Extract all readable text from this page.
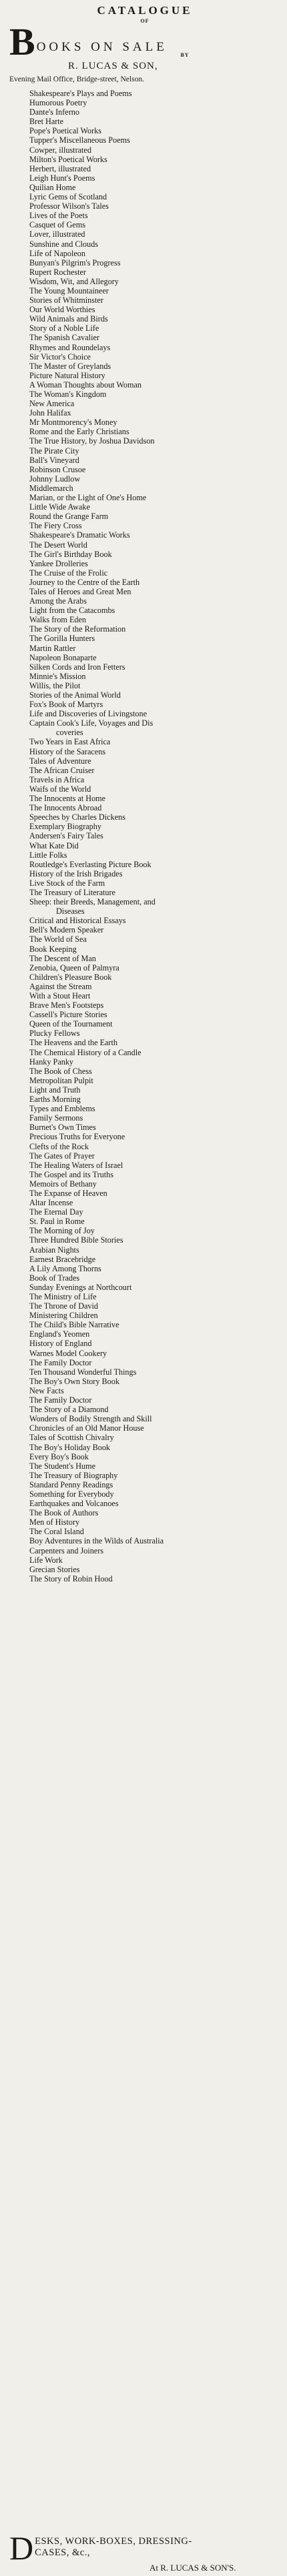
CATALOGUE
OF
B OOKS ON SALE
BY
R. LUCAS & SON,
Evening Mail Office, Bridge-street, Nelson.
Shakespeare's Plays and Poems
Humorous Poetry
Dante's Inferno
Bret Harte
Pope's Poetical Works
Tupper's Miscellaneous Poems
Cowper, illustrated
Milton's Poetical Works
Herbert, illustrated
Leigh Hunt's Poems
Quilian Home
Lyric Gems of Scotland
Professor Wilson's Tales
Lives of the Poets
Casquet of Gems
Lover, illustrated
Sunshine and Clouds
Life of Napoleon
Bunyan's Pilgrim's Progress
Rupert Rochester
Wisdom, Wit, and Allegory
The Young Mountaineer
Stories of Whitminster
Our World Worthies
Wild Animals and Birds
Story of a Noble Life
The Spanish Cavalier
Rhymes and Roundelays
Sir Victor's Choice
The Master of Greylands
Picture Natural History
A Woman Thoughts about Woman
The Woman's Kingdom
New America
John Halifax
Mr Montmorency's Money
Rome and the Early Christians
The True History, by Joshua Davidson
The Pirate City
Ball's Vineyard
Robinson Crusoe
Johnny Ludlow
Middlemarch
Marian, or the Light of One's Home
Little Wide Awake
Round the Grange Farm
The Fiery Cross
Shakespeare's Dramatic Works
The Desert World
The Girl's Birthday Book
Yankee Drolleries
The Cruise of the Frolic
Journey to the Centre of the Earth
Tales of Heroes and Great Men
Among the Arabs
Light from the Catacombs
Walks from Eden
The Story of the Reformation
The Gorilla Hunters
Martin Rattler
Napoleon Bonaparte
Silken Cords and Iron Fetters
Minnie's Mission
Willis, the Pilot
Stories of the Animal World
Fox's Book of Martyrs
Life and Discoveries of Livingstone
Captain Cook's Life, Voyages and Dis
coveries
Two Years in East Africa
History of the Saracens
Tales of Adventure
The African Cruiser
Travels in Africa
Waifs of the World
The Innocents at Home
The Innocents Abroad
Speeches by Charles Dickens
Exemplary Biography
Andersen's Fairy Tales
What Kate Did
Little Folks
Routledge's Everlasting Picture Book
History of the Irish Brigades
Live Stock of the Farm
The Treasury of Literature
Sheep: their Breeds, Management, and
Diseases
Critical and Historical Essays
Bell's Modern Speaker
The World of Sea
Book Keeping
The Descent of Man
Zenobia, Queen of Palmyra
Children's Pleasure Book
Against the Stream
With a Stout Heart
Brave Men's Footsteps
Cassell's Picture Stories
Queen of the Tournament
Plucky Fellows
The Heavens and the Earth
The Chemical History of a Candle
Hanky Panky
The Book of Chess
Metropolitan Pulpit
Light and Truth
Earths Morning
Types and Emblems
Family Sermons
Burnet's Own Times
Precious Truths for Everyone
Clefts of the Rock
The Gates of Prayer
The Healing Waters of Israel
The Gospel and its Truths
Memoirs of Bethany
The Expanse of Heaven
Altar Incense
The Eternal Day
St. Paul in Rome
The Morning of Joy
Three Hundred Bible Stories
Arabian Nights
Earnest Bracebridge
A Lily Among Thorns
Book of Trades
Sunday Evenings at Northcourt
The Ministry of Life
The Throne of David
Ministering Children
The Child's Bible Narrative
England's Yeomen
History of England
Warnes Model Cookery
The Family Doctor
Ten Thousand Wonderful Things
The Boy's Own Story Book
New Facts
The Family Doctor
The Story of a Diamond
Wonders of Bodily Strength and Skill
Chronicles of an Old Manor House
Tales of Scottish Chivalry
The Boy's Holiday Book
Every Boy's Book
The Student's Hume
The Treasury of Biography
Standard Penny Readings
Something for Everybody
Earthquakes and Volcanoes
The Book of Authors
Men of History
The Coral Island
Boy Adventures in the Wilds of Australia
Carpenters and Joiners
Life Work
Grecian Stories
The Story of Robin Hood
D ESKS, WORK-BOXES, DRESSING-
CASES, &c.,
At R. LUCAS & SON'S.
